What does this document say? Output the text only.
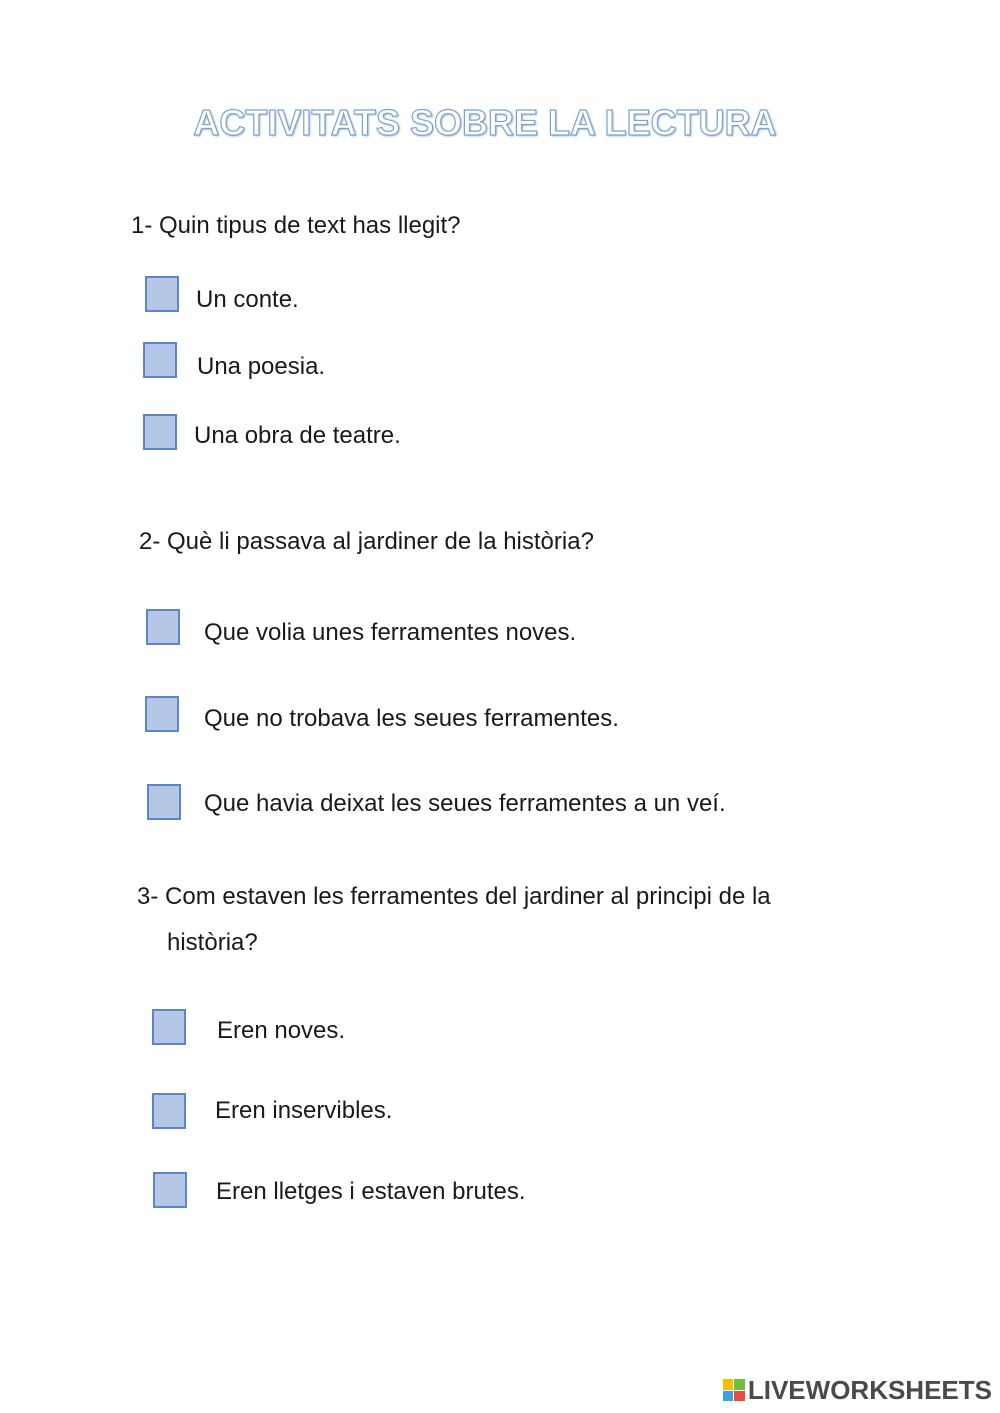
ACTIVITATS SOBRE LA LECTURA
1- Quin tipus de text has llegit?
Un conte.
Una poesia.
Una obra de teatre.
2- Què li passava al jardiner de la història?
Que volia unes ferramentes noves.
Que no trobava les seues ferramentes.
Que havia deixat les seues ferramentes a un veí.
3- Com estaven les ferramentes del jardiner al principi de la
història?
Eren noves.
Eren inservibles.
Eren lletges i estaven brutes.
LIVEWORKSHEETS
